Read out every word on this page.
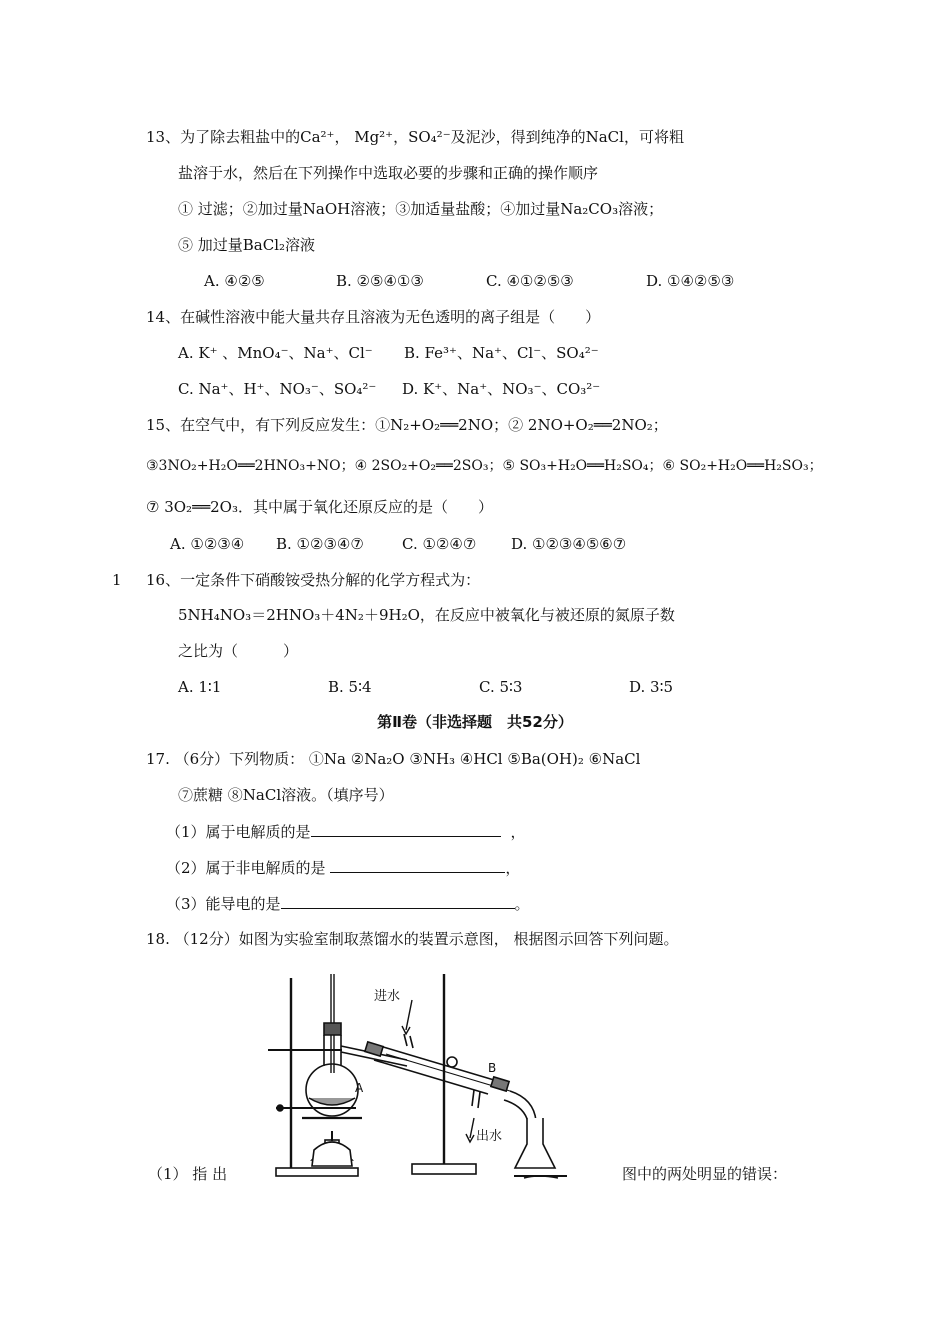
13、为了除去粗盐中的Ca²⁺， Mg²⁺，SO₄²⁻及泥沙，得到纯净的NaCl，可将粗
盐溶于水，然后在下列操作中选取必要的步骤和正确的操作顺序
① 过滤；②加过量NaOH溶液；③加适量盐酸；④加过量Na₂CO₃溶液；
⑤ 加过量BaCl₂溶液
A. ④②⑤	B. ②⑤④①③	C. ④①②⑤③	D. ①④②⑤③
14、在碱性溶液中能大量共存且溶液为无色透明的离子组是（　　）
A. K⁺ 、MnO₄⁻、Na⁺、Cl⁻ B. Fe³⁺、Na⁺、Cl⁻、SO₄²⁻
C. Na⁺、H⁺、NO₃⁻、SO₄²⁻ D. K⁺、Na⁺、NO₃⁻、CO₃²⁻
15、在空气中，有下列反应发生：①N₂+O₂══2NO；② 2NO+O₂══2NO₂；
③3NO₂+H₂O══2HNO₃+NO；④ 2SO₂+O₂══2SO₃；⑤ SO₃+H₂O══H₂SO₄；⑥ SO₂+H₂O══H₂SO₃；
⑦ 3O₂══2O₃．其中属于氧化还原反应的是（　　）
A. ①②③④ B. ①②③④⑦	C. ①②④⑦ D. ①②③④⑤⑥⑦
1 16、一定条件下硝酸铵受热分解的化学方程式为：
5NH₄NO₃＝2HNO₃＋4N₂＋9H₂O，在反应中被氧化与被还原的氮原子数
之比为（　　　）
A. 1∶1	B. 5∶4	C. 5∶3	D. 3∶5
第Ⅱ卷（非选择题　共52分）
17. （6分）下列物质： ①Na ②Na₂O ③NH₃ ④HCl ⑤Ba(OH)₂ ⑥NaCl
⑦蔗糖 ⑧NaCl溶液。（填序号）
（1）属于电解质的是	，
（2）属于非电解质的是	，
（3）能导电的是	。
18. （12分）如图为实验室制取蒸馏水的装置示意图， 根据图示回答下列问题。
进水
出水
A
B
（1） 指 出	图中的两处明显的错误：
